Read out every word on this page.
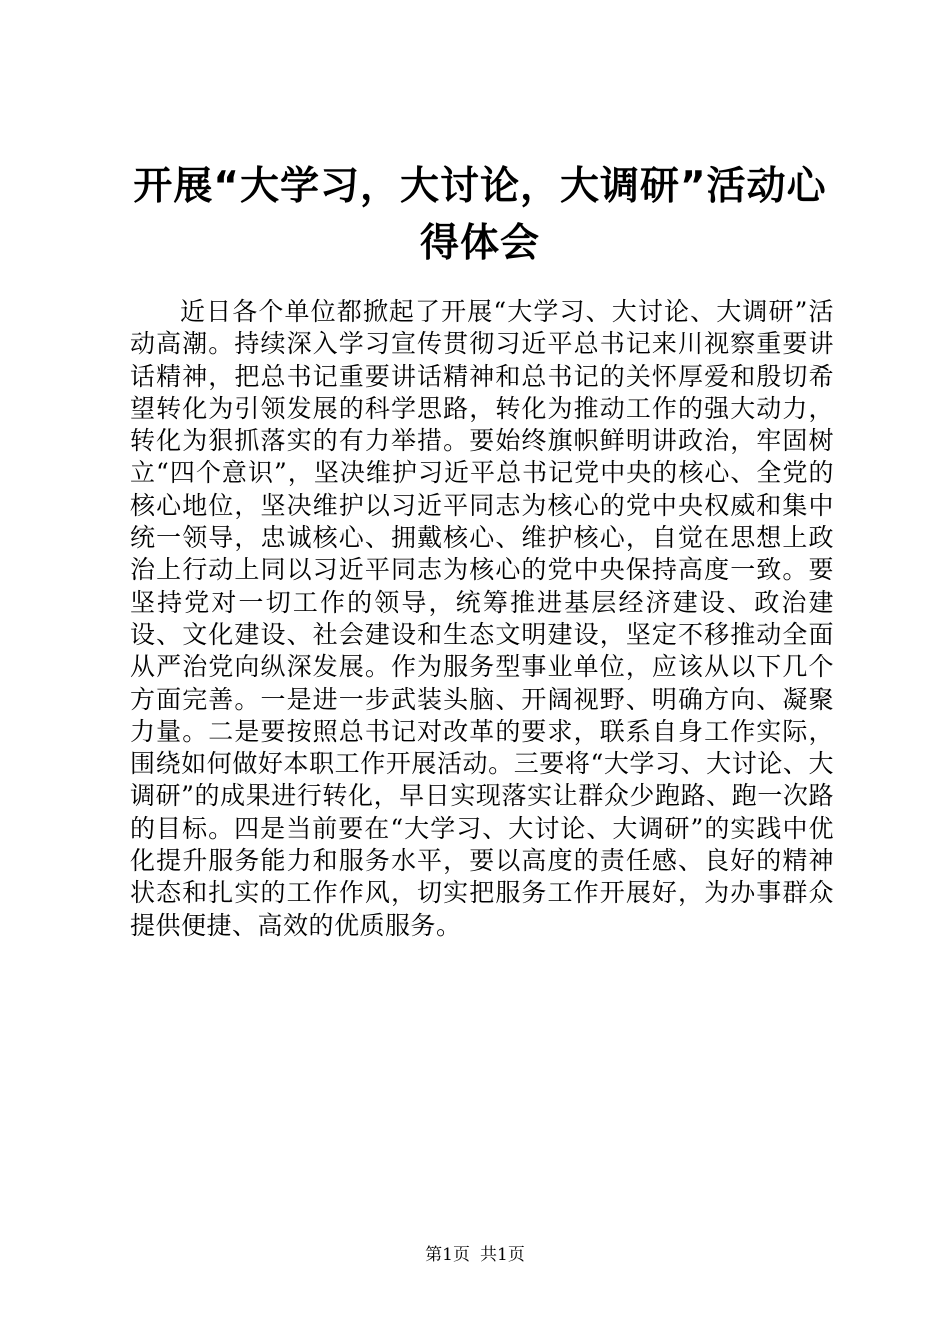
开展“大学习，大讨论，大调研”活动心得体会

近日各个单位都掀起了开展“大学习、大讨论、大调研”活动高潮。持续深入学习宣传贯彻习近平总书记来川视察重要讲话精神，把总书记重要讲话精神和总书记的关怀厚爱和殷切希望转化为引领发展的科学思路，转化为推动工作的强大动力，转化为狠抓落实的有力举措。要始终旗帜鲜明讲政治，牢固树立“四个意识”，坚决维护习近平总书记党中央的核心、全党的核心地位，坚决维护以习近平同志为核心的党中央权威和集中统一领导，忠诚核心、拥戴核心、维护核心，自觉在思想上政治上行动上同以习近平同志为核心的党中央保持高度一致。要坚持党对一切工作的领导，统筹推进基层经济建设、政治建设、文化建设、社会建设和生态文明建设，坚定不移推动全面从严治党向纵深发展。作为服务型事业单位，应该从以下几个方面完善。一是进一步武装头脑、开阔视野、明确方向、凝聚力量。二是要按照总书记对改革的要求，联系自身工作实际，围绕如何做好本职工作开展活动。三要将“大学习、大讨论、大调研”的成果进行转化，早日实现落实让群众少跑路、跑一次路的目标。四是当前要在“大学习、大讨论、大调研”的实践中优化提升服务能力和服务水平，要以高度的责任感、良好的精神状态和扎实的工作作风，切实把服务工作开展好，为办事群众提供便捷、高效的优质服务。

第1页 共1页
